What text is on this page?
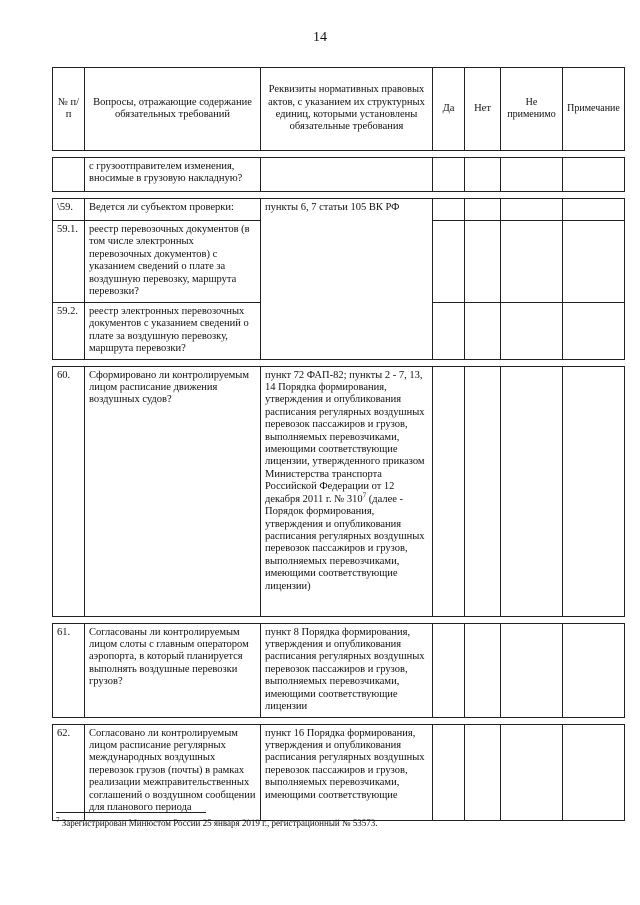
14
№ п/п	Вопросы, отражающие содержание обязательных требований	Реквизиты нормативных правовых актов, с указанием их структурных единиц, которыми установлены обязательные требования	Да	Нет	Не применимо	Примечание

	с грузоотправителем изменения, вносимые в грузовую накладную?					

\59.	Ведется ли субъектом проверки:	пункты 6, 7 статьи 105 ВК РФ				
59.1.	реестр перевозочных документов (в том числе электронных перевозочных документов) с указанием сведений о плате за воздушную перевозку, маршрута перевозки?					
59.2.	реестр электронных перевозочных документов с указанием сведений о плате за воздушную перевозку, маршрута перевозки?					

60.	Сформировано ли контролируемым лицом расписание движения воздушных судов?	пункт 72 ФАП-82; пункты 2 - 7, 13, 14 Порядка формирования, утверждения и опубликования расписания регулярных воздушных перевозок пассажиров и грузов, выполняемых перевозчиками, имеющими соответствующие лицензии, утвержденного приказом Министерства транспорта Российской Федерации от 12 декабря 2011 г. № $310^7$ (далее - Порядок формирования, утверждения и опубликования расписания регулярных воздушных перевозок пассажиров и грузов, выполняемых перевозчиками, имеющими соответствующие лицензии)				

61.	Согласованы ли контролируемым лицом слоты с главным оператором аэропорта, в который планируется выполнять воздушные перевозки грузов?	пункт 8 Порядка формирования, утверждения и опубликования расписания регулярных воздушных перевозок пассажиров и грузов, выполняемых перевозчиками, имеющими соответствующие лицензии				

62.	Согласовано ли контролируемым лицом расписание регулярных международных воздушных перевозок грузов (почты) в рамках реализации межправительственных соглашений о воздушном сообщении для планового периода	пункт 16 Порядка формирования, утверждения и опубликования расписания регулярных воздушных перевозок пассажиров и грузов, выполняемых перевозчиками, имеющими соответствующие				
$^7$ Зарегистрирован Минюстом России 25 января 2019 г., регистрационный № 53573.
